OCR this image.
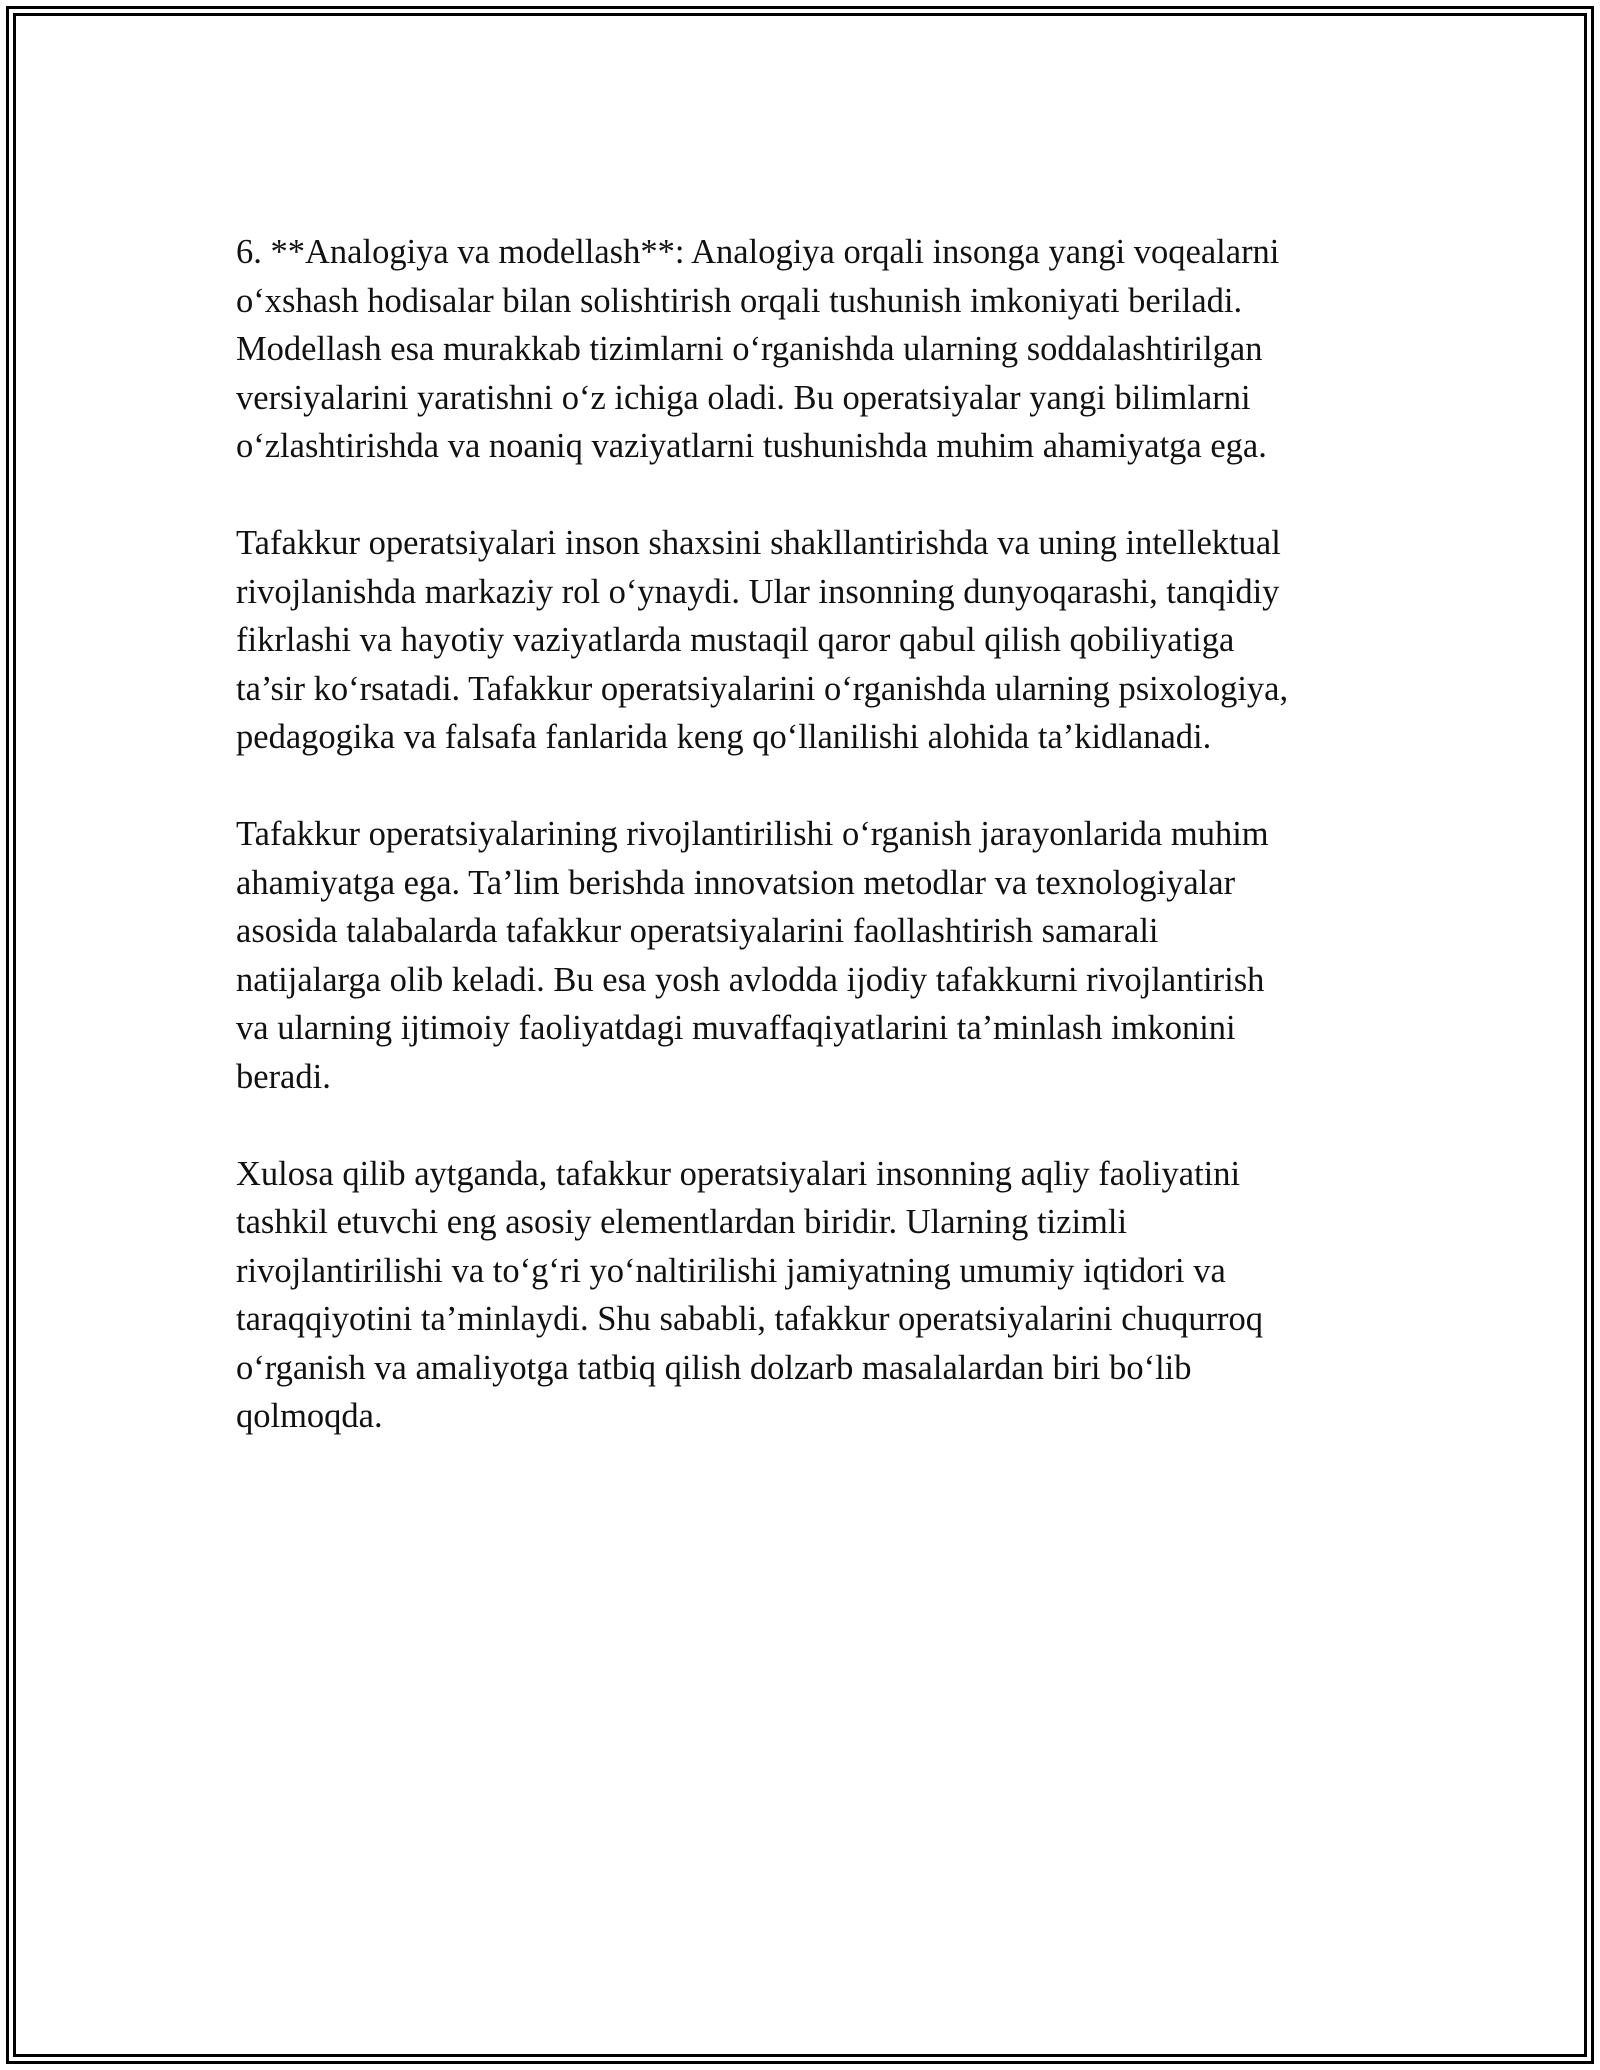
6. **Analogiya va modellash**: Analogiya orqali insonga yangi voqealarni
o‘xshash hodisalar bilan solishtirish orqali tushunish imkoniyati beriladi.
Modellash esa murakkab tizimlarni o‘rganishda ularning soddalashtirilgan
versiyalarini yaratishni o‘z ichiga oladi. Bu operatsiyalar yangi bilimlarni
o‘zlashtirishda va noaniq vaziyatlarni tushunishda muhim ahamiyatga ega.

Tafakkur operatsiyalari inson shaxsini shakllantirishda va uning intellektual
rivojlanishda markaziy rol o‘ynaydi. Ular insonning dunyoqarashi, tanqidiy
fikrlashi va hayotiy vaziyatlarda mustaqil qaror qabul qilish qobiliyatiga
ta’sir ko‘rsatadi. Tafakkur operatsiyalarini o‘rganishda ularning psixologiya,
pedagogika va falsafa fanlarida keng qo‘llanilishi alohida ta’kidlanadi.

Tafakkur operatsiyalarining rivojlantirilishi o‘rganish jarayonlarida muhim
ahamiyatga ega. Ta’lim berishda innovatsion metodlar va texnologiyalar
asosida talabalarda tafakkur operatsiyalarini faollashtirish samarali
natijalarga olib keladi. Bu esa yosh avlodda ijodiy tafakkurni rivojlantirish
va ularning ijtimoiy faoliyatdagi muvaffaqiyatlarini ta’minlash imkonini
beradi.

Xulosa qilib aytganda, tafakkur operatsiyalari insonning aqliy faoliyatini
tashkil etuvchi eng asosiy elementlardan biridir. Ularning tizimli
rivojlantirilishi va to‘g‘ri yo‘naltirilishi jamiyatning umumiy iqtidori va
taraqqiyotini ta’minlaydi. Shu sababli, tafakkur operatsiyalarini chuqurroq
o‘rganish va amaliyotga tatbiq qilish dolzarb masalalardan biri bo‘lib
qolmoqda.
